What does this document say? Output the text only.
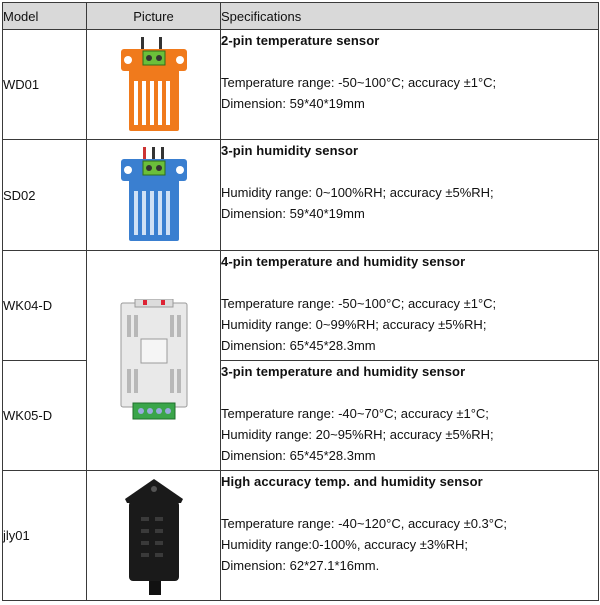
Model	Picture	Specifications
WD01		2-pin temperature sensor
Temperature range: -50~100°C; accuracy ±1°C;
Dimension: 59*40*19mm

SD02		3-pin humidity sensor
Humidity range: 0~100%RH; accuracy ±5%RH;
Dimension: 59*40*19mm

WK04-D		4-pin temperature and humidity sensor
Temperature range: -50~100°C; accuracy ±1°C;
Humidity range: 0~99%RH; accuracy ±5%RH;
Dimension: 65*45*28.3mm

WK05-D		3-pin temperature and humidity sensor
Temperature range: -40~70°C; accuracy ±1°C;
Humidity range: 20~95%RH; accuracy ±5%RH;
Dimension: 65*45*28.3mm

jly01		High accuracy temp. and humidity sensor
Temperature range: -40~120°C, accuracy ±0.3°C;
Humidity range:0-100%, accuracy ±3%RH;
Dimension: 62*27.1*16mm.
